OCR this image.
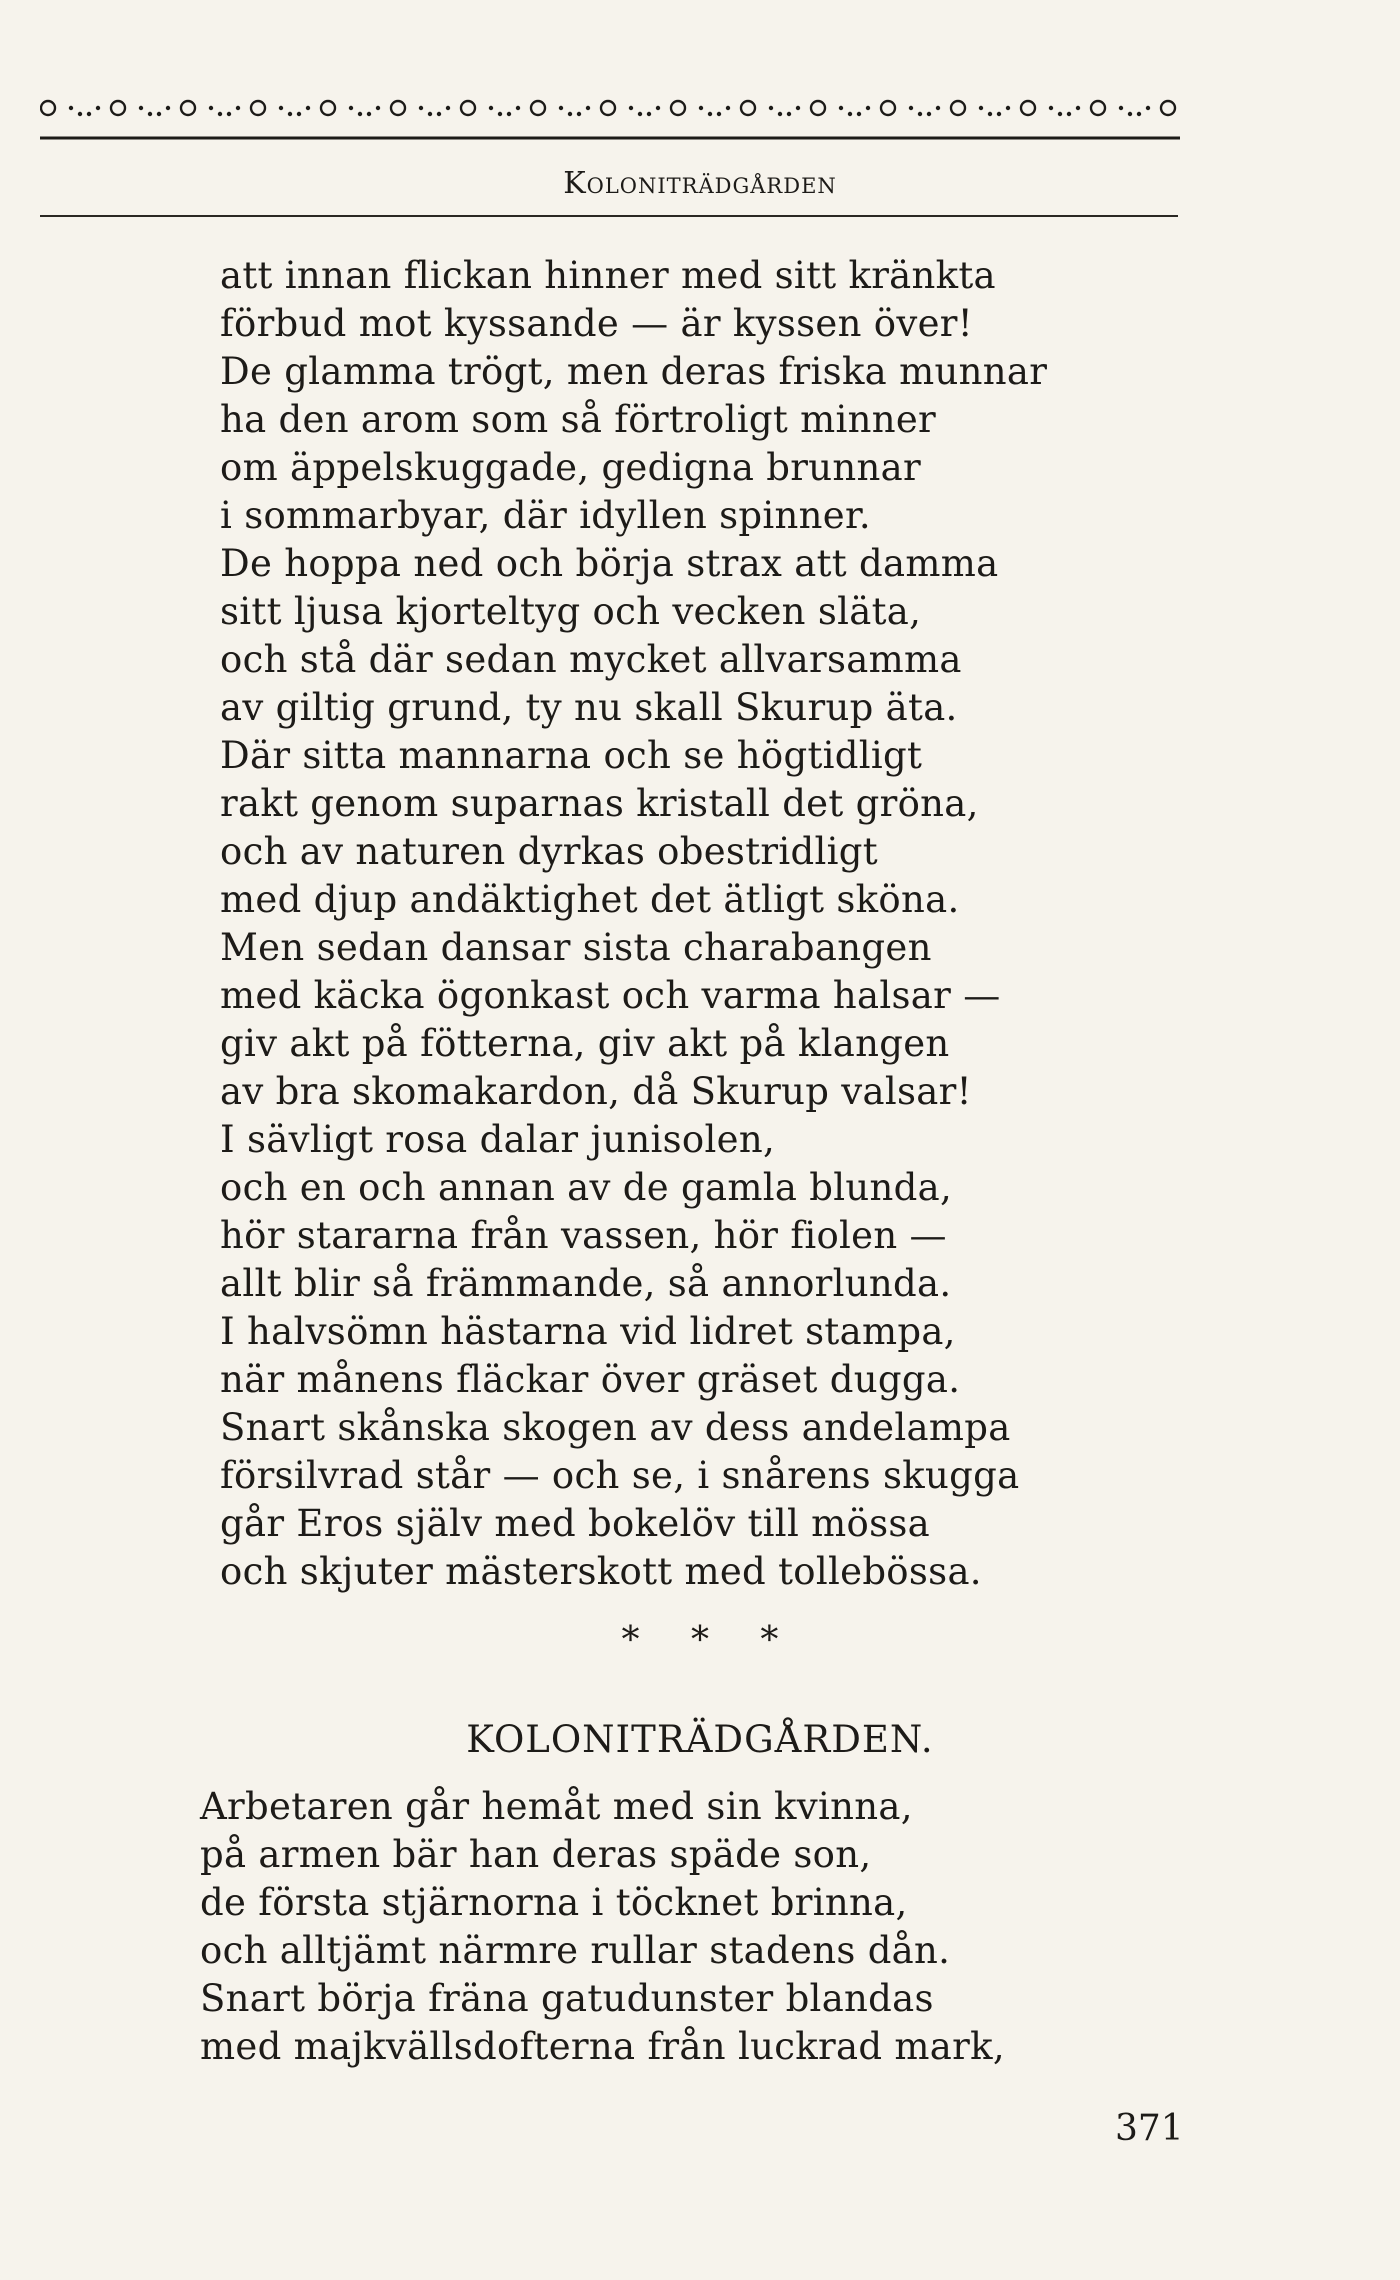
Koloniträdgården
att innan flickan hinner med sitt kränkta
förbud mot kyssande — är kyssen över!
De glamma trögt, men deras friska munnar
ha den arom som så förtroligt minner
om äppelskuggade, gedigna brunnar
i sommarbyar, där idyllen spinner.
De hoppa ned och börja strax att damma
sitt ljusa kjorteltyg och vecken släta,
och stå där sedan mycket allvarsamma
av giltig grund, ty nu skall Skurup äta.
Där sitta mannarna och se högtidligt
rakt genom suparnas kristall det gröna,
och av naturen dyrkas obestridligt
med djup andäktighet det ätligt sköna.
Men sedan dansar sista charabangen
med käcka ögonkast och varma halsar —
giv akt på fötterna, giv akt på klangen
av bra skomakardon, då Skurup valsar!
I sävligt rosa dalar junisolen,
och en och annan av de gamla blunda,
hör stararna från vassen, hör fiolen —
allt blir så främmande, så annorlunda.
I halvsömn hästarna vid lidret stampa,
när månens fläckar över gräset dugga.
Snart skånska skogen av dess andelampa
försilvrad står — och se, i snårens skugga
går Eros själv med bokelöv till mössa
och skjuter mästerskott med tollebössa.
* * *
KOLONITRÄDGÅRDEN.
Arbetaren går hemåt med sin kvinna,
på armen bär han deras späde son,
de första stjärnorna i töcknet brinna,
och alltjämt närmre rullar stadens dån.
Snart börja fräna gatudunster blandas
med majkvällsdofterna från luckrad mark,
371
